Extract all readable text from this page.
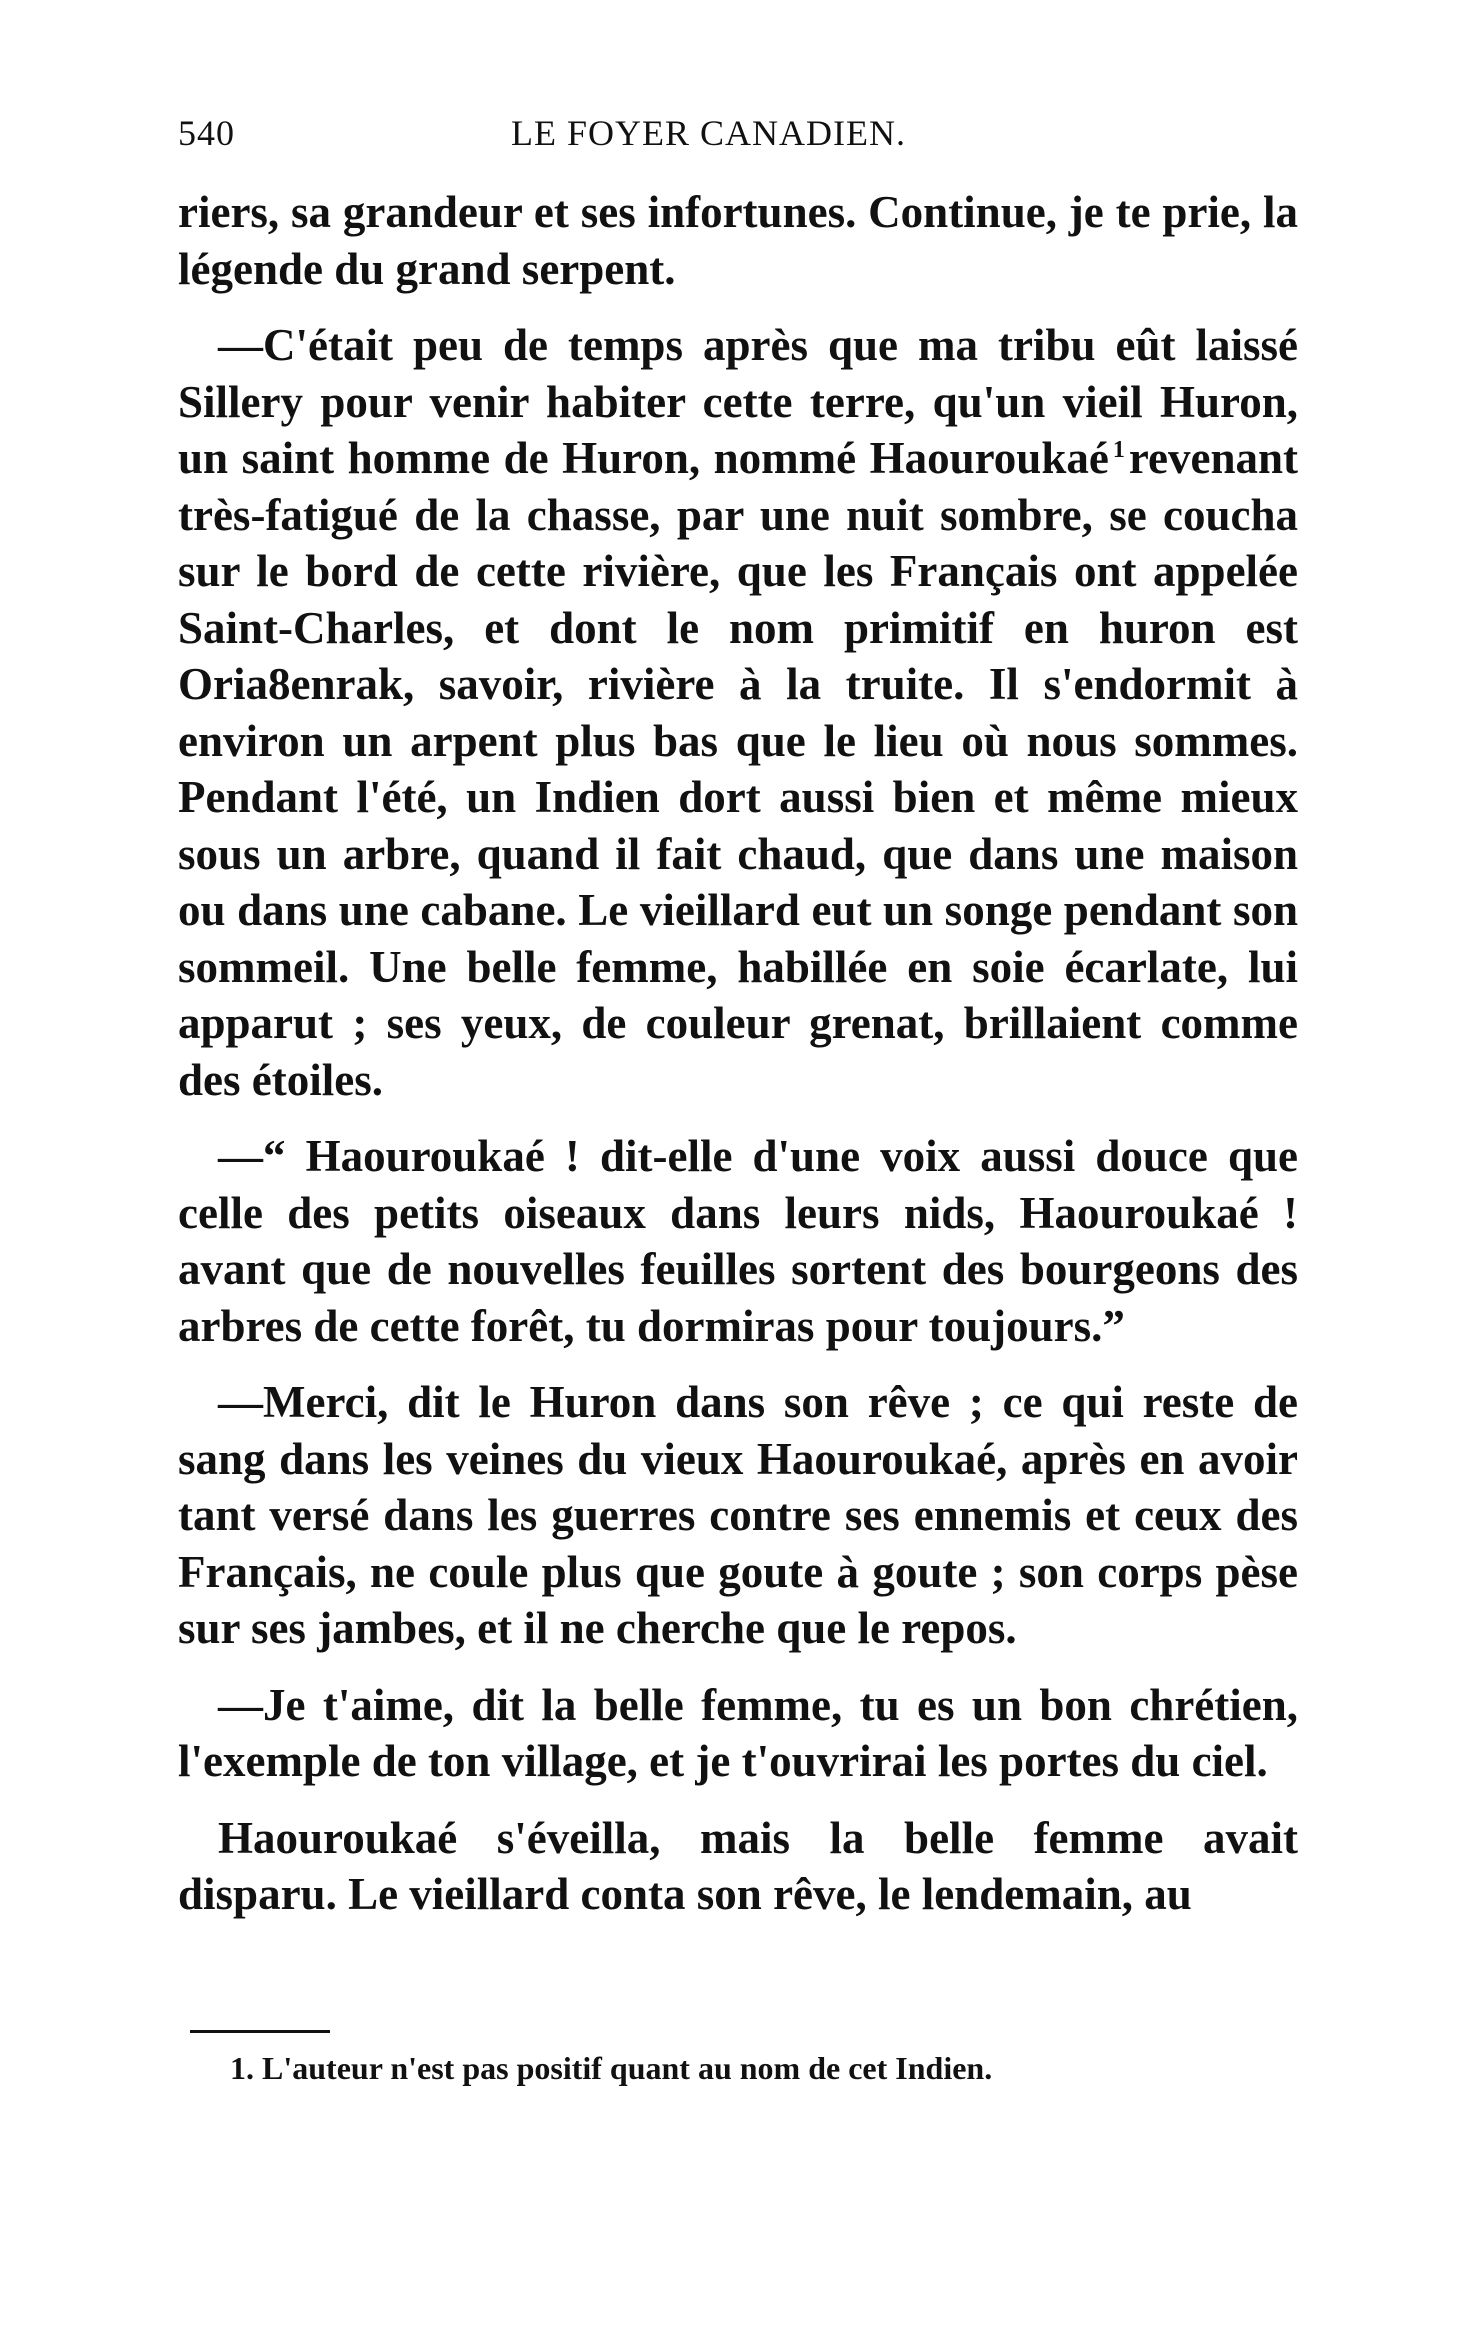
540	LE FOYER CANADIEN.

riers, sa grandeur et ses infortunes. Continue, je te prie, la légende du grand serpent.

—C'était peu de temps après que ma tribu eût laissé Sillery pour venir habiter cette terre, qu'un vieil Huron, un saint homme de Huron, nommé Haouroukaé $^1$revenant très-fatigué de la chasse, par une nuit sombre, se coucha sur le bord de cette rivière, que les Français ont appelée Saint-Charles, et dont le nom primitif en huron est Oria8enrak, savoir, rivière à la truite. Il s'endormit à environ un arpent plus bas que le lieu où nous sommes. Pendant l'été, un Indien dort aussi bien et même mieux sous un arbre, quand il fait chaud, que dans une maison ou dans une cabane. Le vieillard eut un songe pendant son sommeil. Une belle femme, habillée en soie écarlate, lui apparut ; ses yeux, de couleur grenat, brillaient comme des étoiles.

—“ Haouroukaé ! dit-elle d'une voix aussi douce que celle des petits oiseaux dans leurs nids, Haouroukaé ! avant que de nouvelles feuilles sortent des bourgeons des arbres de cette forêt, tu dormiras pour toujours.”

—Merci, dit le Huron dans son rêve ; ce qui reste de sang dans les veines du vieux Haouroukaé, après en avoir tant versé dans les guerres contre ses ennemis et ceux des Français, ne coule plus que goute à goute ; son corps pèse sur ses jambes, et il ne cherche que le repos.

—Je t'aime, dit la belle femme, tu es un bon chrétien, l'exemple de ton village, et je t'ouvrirai les portes du ciel.

Haouroukaé s'éveilla, mais la belle femme avait disparu. Le vieillard conta son rêve, le lendemain, au

1. L'auteur n'est pas positif quant au nom de cet Indien.
